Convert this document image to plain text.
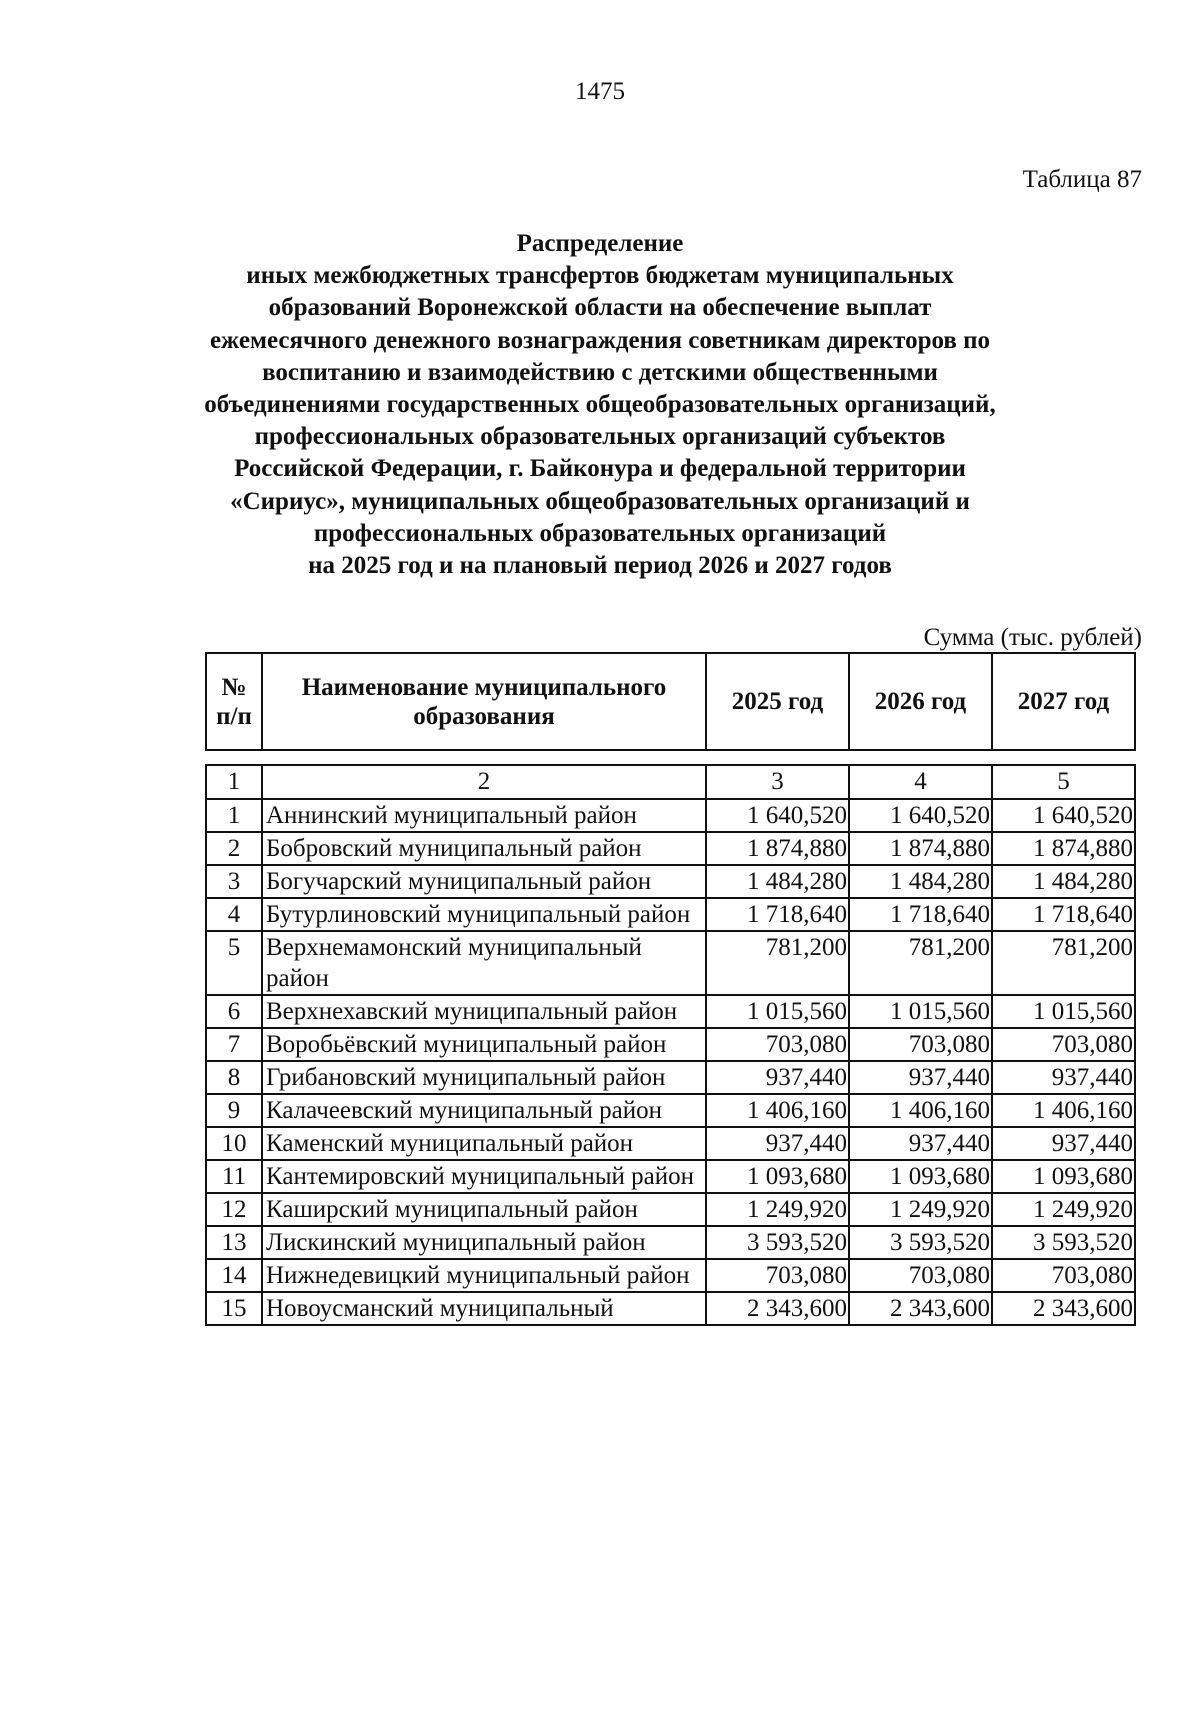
1475
Таблица 87
Распределение
иных межбюджетных трансфертов бюджетам муниципальных
образований Воронежской области на обеспечение выплат
ежемесячного денежного вознаграждения советникам директоров по
воспитанию и взаимодействию с детскими общественными
объединениями государственных общеобразовательных организаций,
профессиональных образовательных организаций субъектов
Российской Федерации, г. Байконура и федеральной территории
«Сириус», муниципальных общеобразовательных организаций и
профессиональных образовательных организаций
на 2025 год и на плановый период 2026 и 2027 годов
Сумма (тыс. рублей)
№
п/п	Наименование муниципального образования	2025 год	2026 год	2027 год
1	2	3	4	5
1	Аннинский муниципальный район	1 640,520	1 640,520	1 640,520
2	Бобровский муниципальный район	1 874,880	1 874,880	1 874,880
3	Богучарский муниципальный район	1 484,280	1 484,280	1 484,280
4	Бутурлиновский муниципальный район	1 718,640	1 718,640	1 718,640
5	Верхнемамонский муниципальный район	781,200	781,200	781,200
6	Верхнехавский муниципальный район	1 015,560	1 015,560	1 015,560
7	Воробьёвский муниципальный район	703,080	703,080	703,080
8	Грибановский муниципальный район	937,440	937,440	937,440
9	Калачеевский муниципальный район	1 406,160	1 406,160	1 406,160
10	Каменский муниципальный район	937,440	937,440	937,440
11	Кантемировский муниципальный район	1 093,680	1 093,680	1 093,680
12	Каширский муниципальный район	1 249,920	1 249,920	1 249,920
13	Лискинский муниципальный район	3 593,520	3 593,520	3 593,520
14	Нижнедевицкий муниципальный район	703,080	703,080	703,080
15	Новоусманский муниципальный	2 343,600	2 343,600	2 343,600
